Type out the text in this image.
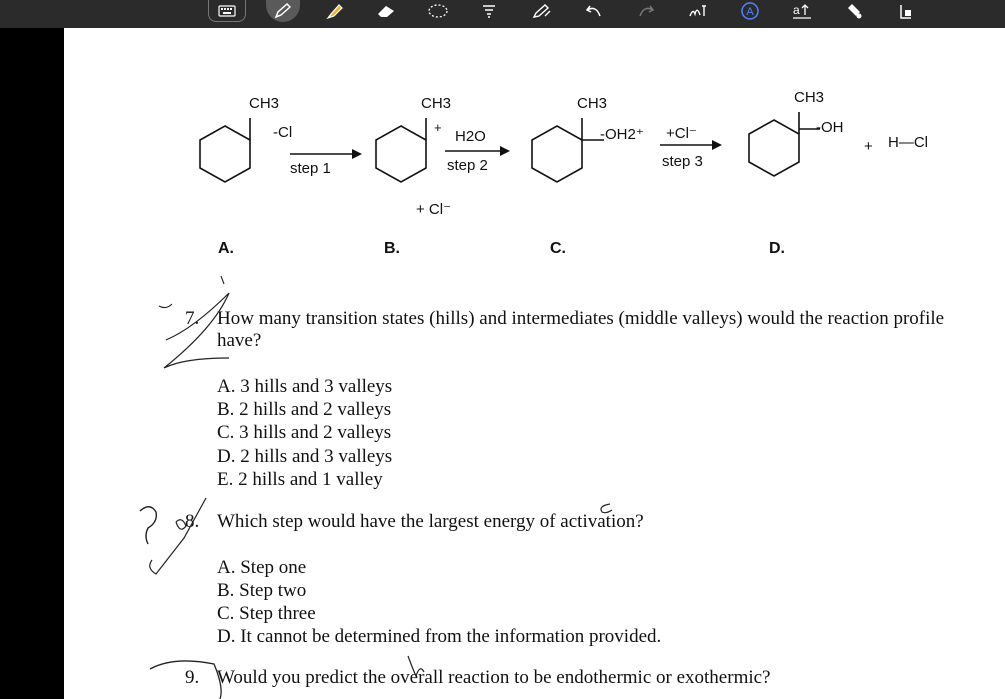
A	a
CH3
-Cl
step 1
CH3
+
H2O
step 2
+ Cl⁻
CH3
-OH2⁺ +Cl⁻
step 3
CH3
-OH
+ H—Cl
A.	B.	C.	D.
7. How many transition states (hills) and intermediates (middle valleys) would the reaction profile have?
A. 3 hills and 3 valleys
B. 2 hills and 2 valleys
C. 3 hills and 2 valleys
D. 2 hills and 3 valleys
E. 2 hills and 1 valley
8. Which step would have the largest energy of activation?
A. Step one
B. Step two
C. Step three
D. It cannot be determined from the information provided.
9. Would you predict the overall reaction to be endothermic or exothermic?
